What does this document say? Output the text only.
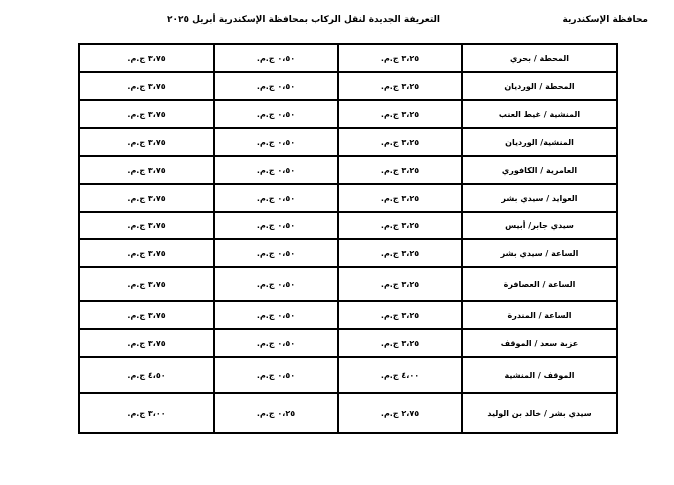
محافظة الإسكندرية
التعريفة الجديدة لنقل الركاب بمحافظة الإسكندرية أبريل ٢٠٢٥
المحطة / بحري	٣،٢٥ ج.م.	٠،٥٠ ج.م.	٣،٧٥ ج.م.
المحطة / الورديان	٣،٢٥ ج.م.	٠،٥٠ ج.م.	٣،٧٥ ج.م.
المنشية / غيط العنب	٣،٢٥ ج.م.	٠،٥٠ ج.م.	٣،٧٥ ج.م.
المنشية/ الورديان	٣،٢٥ ج.م.	٠،٥٠ ج.م.	٣،٧٥ ج.م.
العامرية / الكافوري	٣،٢٥ ج.م.	٠،٥٠ ج.م.	٣،٧٥ ج.م.
العوايد / سيدي بشر	٣،٢٥ ج.م.	٠،٥٠ ج.م.	٣،٧٥ ج.م.
سيدي جابر/ أبيس	٣،٢٥ ج.م.	٠،٥٠ ج.م.	٣،٧٥ ج.م.
الساعة / سيدي بشر	٣،٢٥ ج.م.	٠،٥٠ ج.م.	٣،٧٥ ج.م.
الساعة / العصافرة	٣،٢٥ ج.م.	٠،٥٠ ج.م.	٣،٧٥ ج.م.
الساعة / المندرة	٣،٢٥ ج.م.	٠،٥٠ ج.م.	٣،٧٥ ج.م.
عزبة سعد / الموقف	٣،٢٥ ج.م.	٠،٥٠ ج.م.	٣،٧٥ ج.م.
الموقف / المنشية	٤،٠٠ ج.م.	٠،٥٠ ج.م.	٤،٥٠ ج.م.
سيدي بشر / خالد بن الوليد	٢،٧٥ ج.م.	٠،٢٥ ج.م.	٣،٠٠ ج.م.
